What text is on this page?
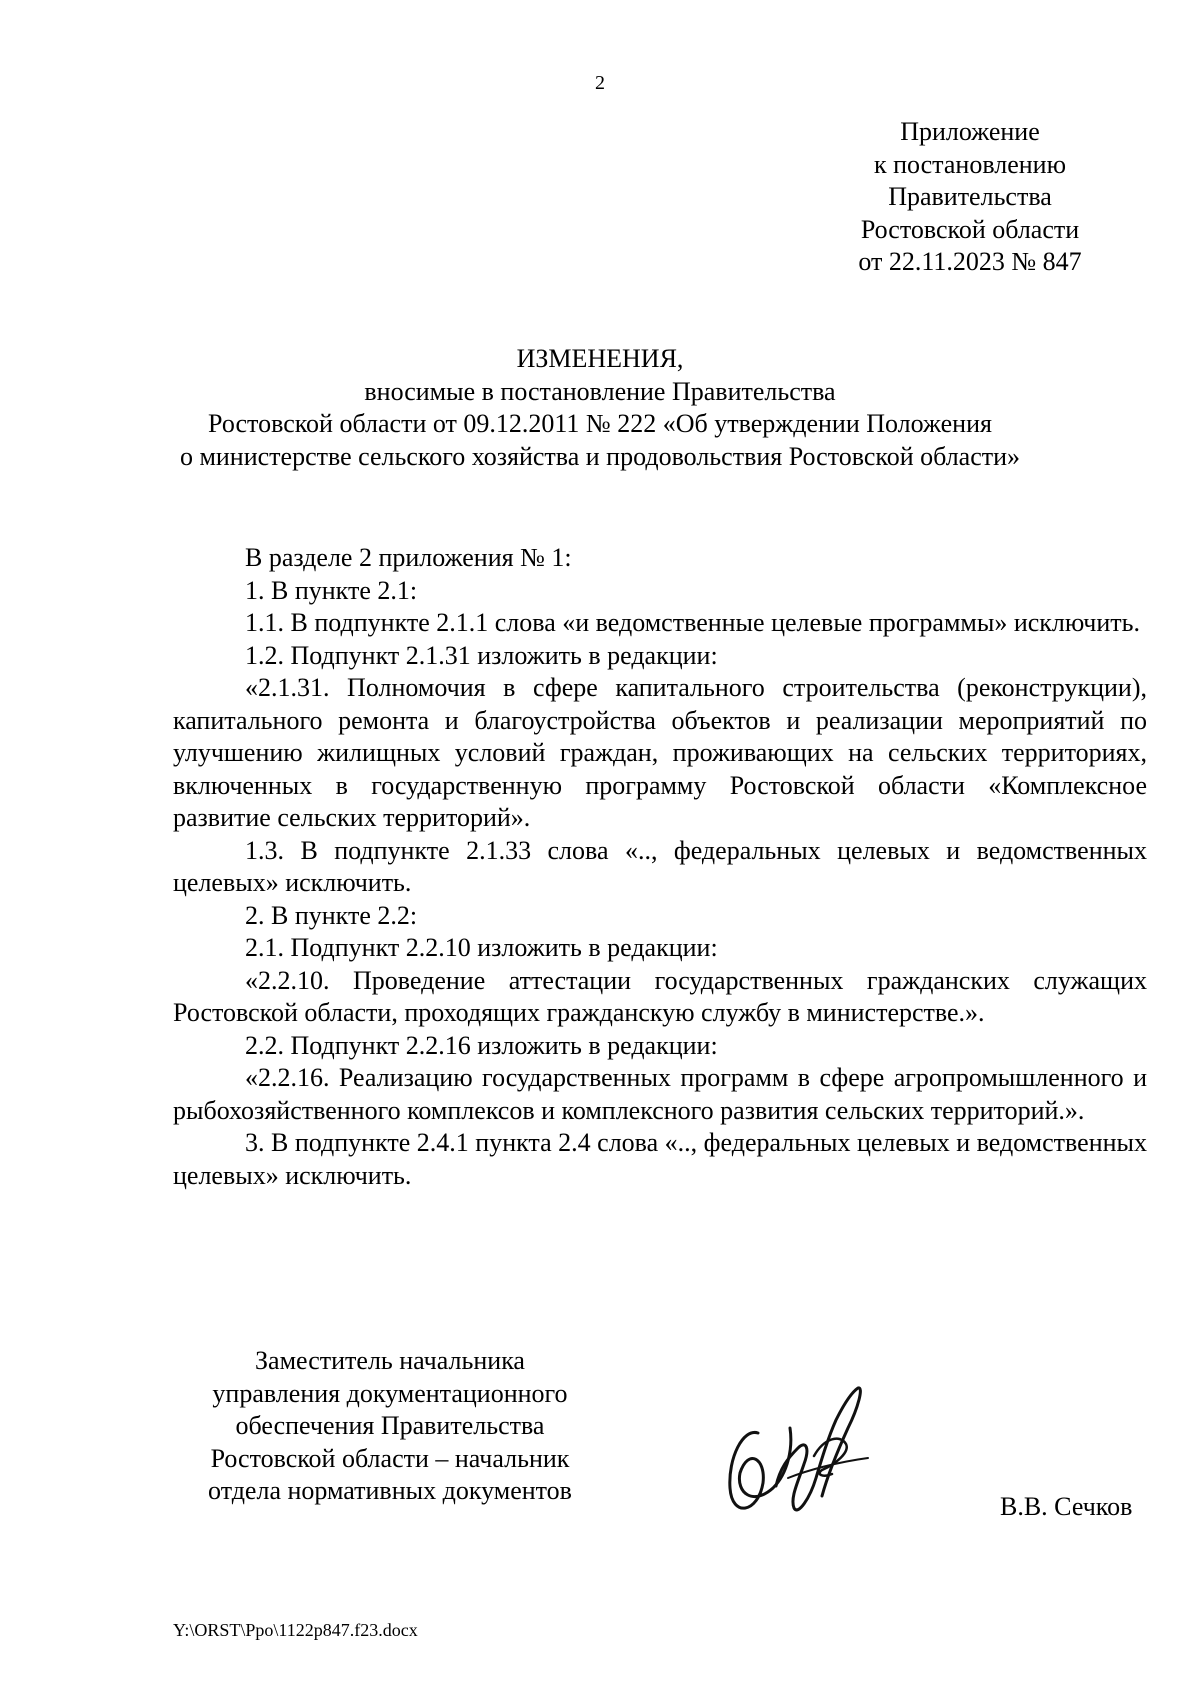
2
Приложение
к постановлению
Правительства
Ростовской области
от 22.11.2023 № 847
ИЗМЕНЕНИЯ,
вносимые в постановление Правительства
Ростовской области от 09.12.2011 № 222 «Об утверждении Положения
о министерстве сельского хозяйства и продовольствия Ростовской области»

В разделе 2 приложения № 1:

1. В пункте 2.1:

1.1. В подпункте 2.1.1 слова «и ведомственные целевые программы» исключить.

1.2. Подпункт 2.1.31 изложить в редакции:

«2.1.31. Полномочия в сфере капитального строительства (реконструкции), капитального ремонта и благоустройства объектов и реализации мероприятий по улучшению жилищных условий граждан, проживающих на сельских территориях, включенных в государственную программу Ростовской области «Комплексное развитие сельских территорий».

1.3. В подпункте 2.1.33 слова «.., федеральных целевых и ведомственных целевых» исключить.

2. В пункте 2.2:

2.1. Подпункт 2.2.10 изложить в редакции:

«2.2.10. Проведение аттестации государственных гражданских служащих Ростовской области, проходящих гражданскую службу в министерстве.».

2.2. Подпункт 2.2.16 изложить в редакции:

«2.2.16. Реализацию государственных программ в сфере агропромышленного и рыбохозяйственного комплексов и комплексного развития сельских территорий.».

3. В подпункте 2.4.1 пункта 2.4 слова «.., федеральных целевых и ведомственных целевых» исключить.

Заместитель начальника
управления документационного
обеспечения Правительства
Ростовской области – начальник
отдела нормативных документов
В.В. Сечков
Y:\ORST\Ppo\1122p847.f23.docx
